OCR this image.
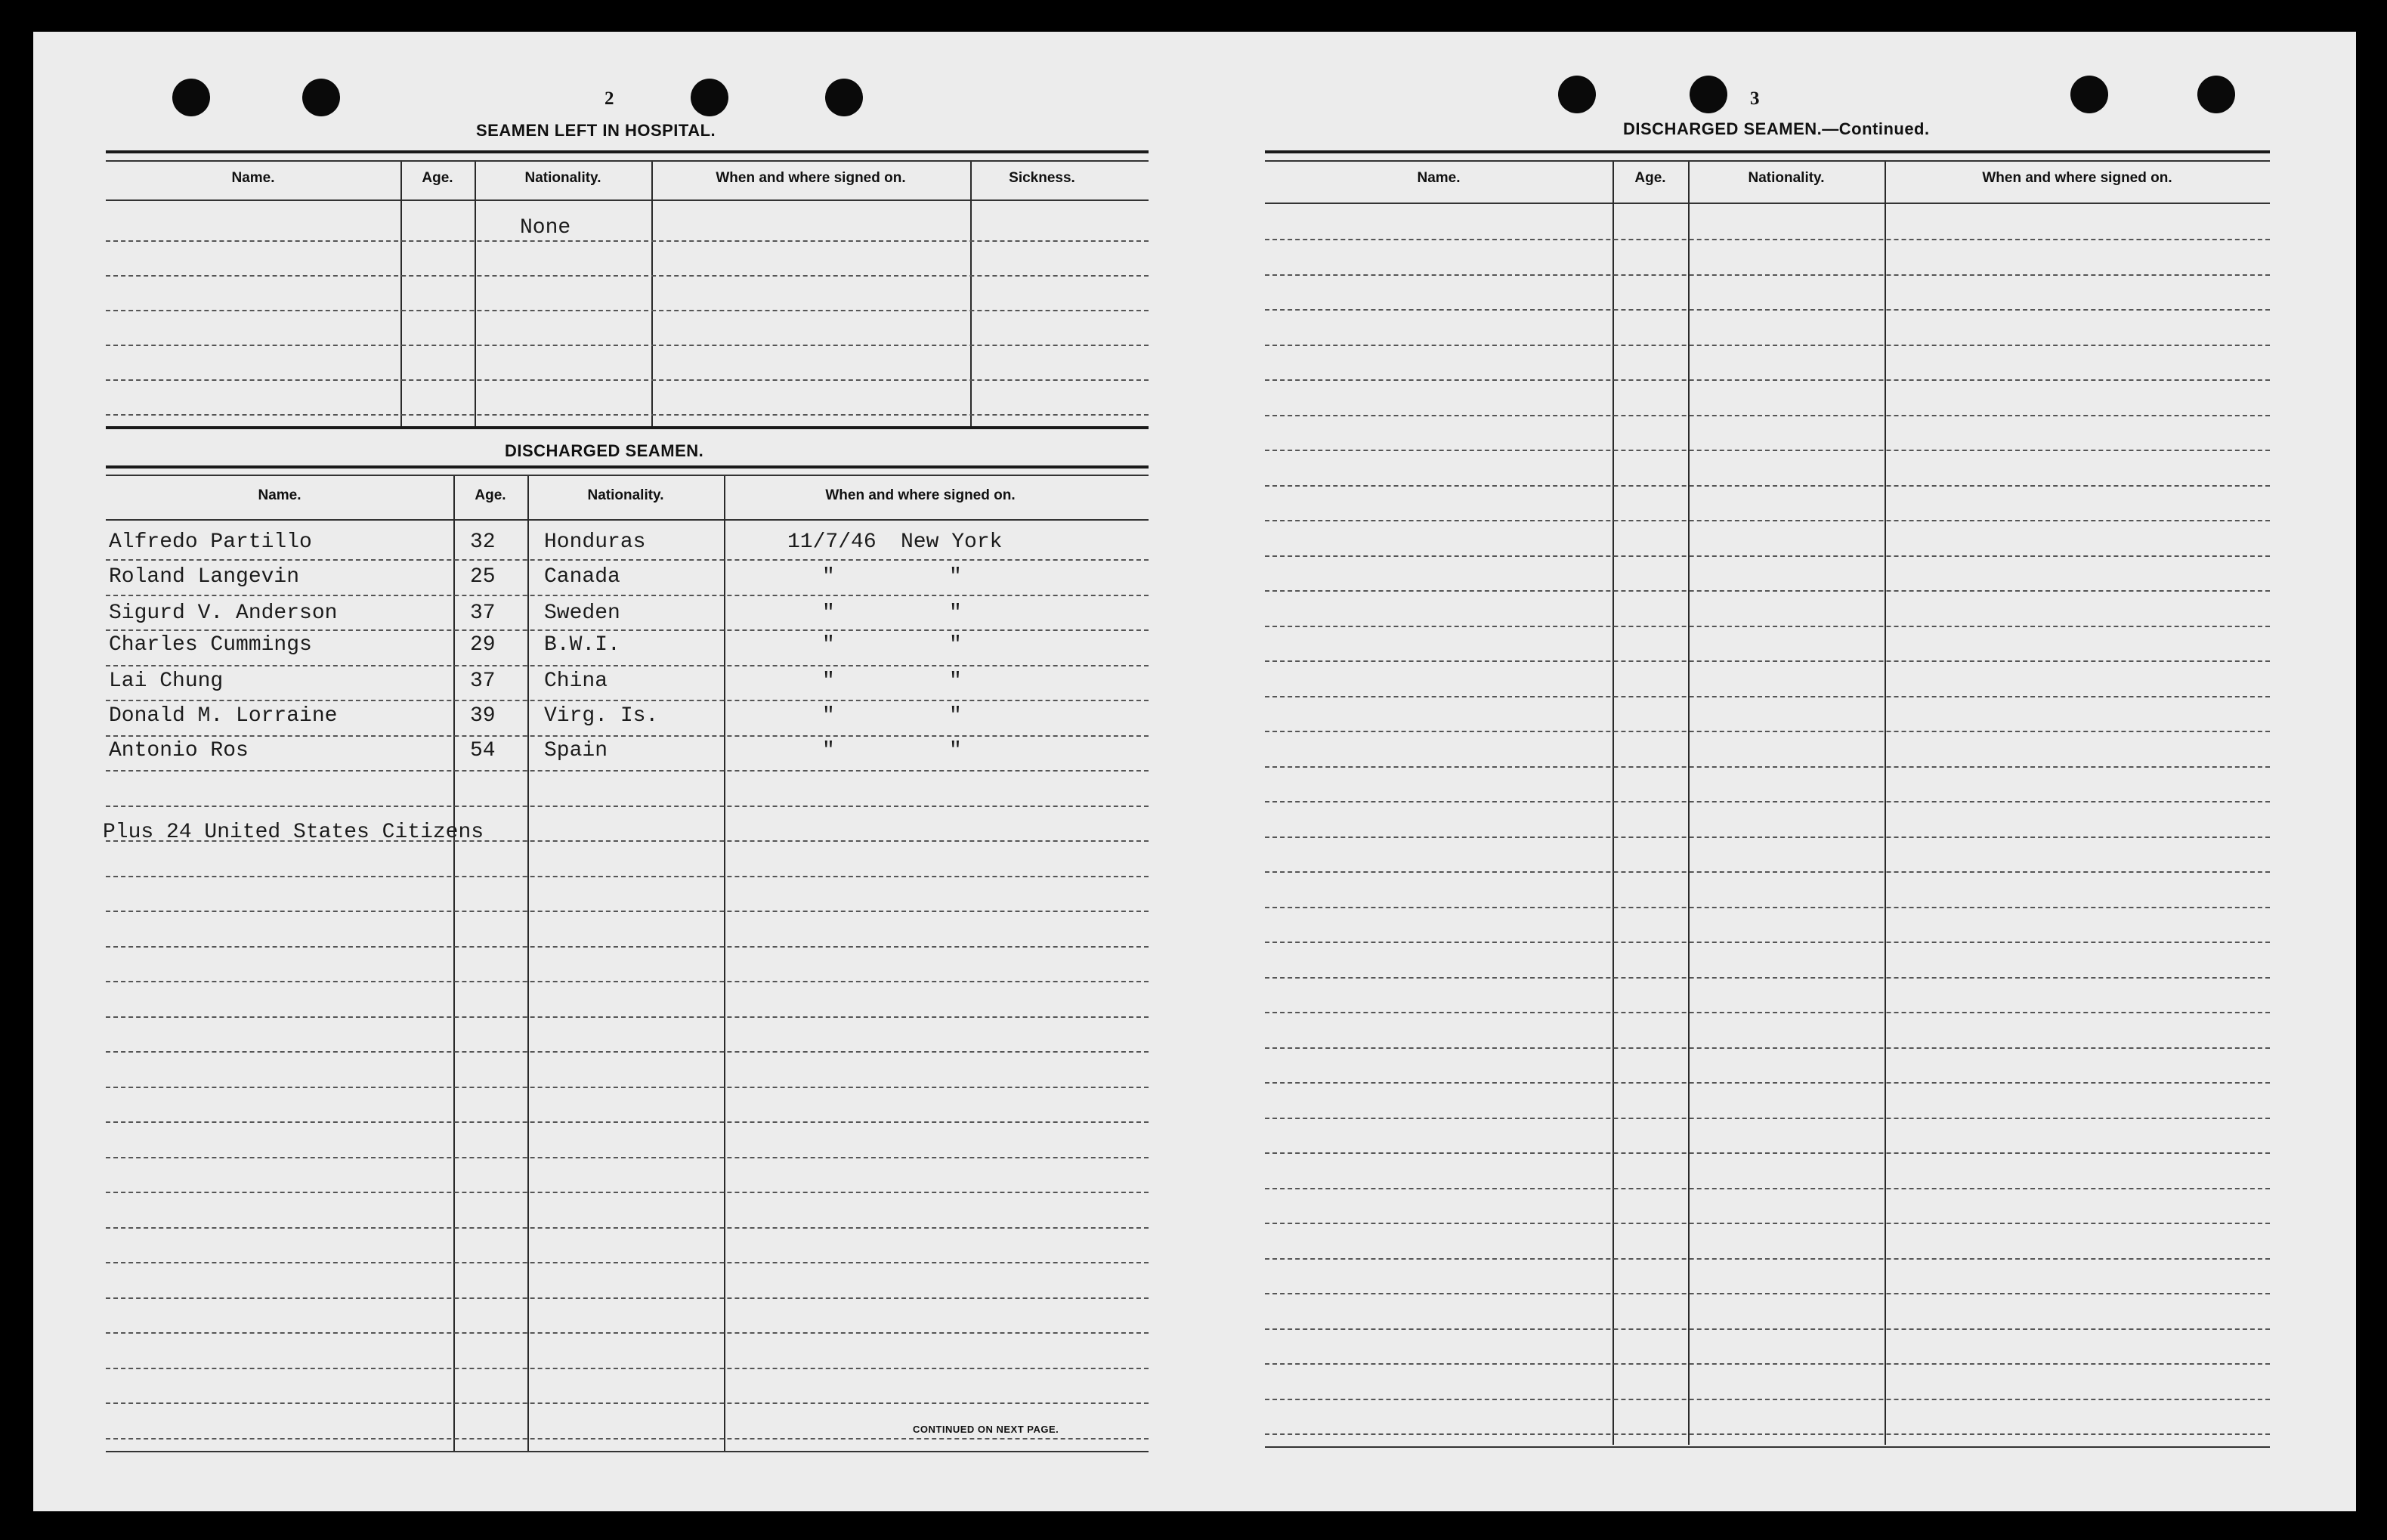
2
SEAMEN LEFT IN HOSPITAL.
Name.	Age.	Nationality.	When and where signed on.	Sickness.
None
DISCHARGED SEAMEN.
Name.	Age.	Nationality.	When and where signed on.
Alfredo Partillo	32 Honduras	11/7/46 New York
Roland Langevin	25 Canada	"	"
Sigurd V. Anderson	37 Sweden	"	"
Charles Cummings	29 B.W.I.	"	"
Lai Chung	37 China	"	"
Donald M. Lorraine	39 Virg. Is.	"	"
Antonio Ros	54 Spain	"	"
Plus 24 United States Citizens
CONTINUED ON NEXT PAGE.
3
DISCHARGED SEAMEN.—Continued.
Name.	Age.	Nationality.	When and where signed on.
